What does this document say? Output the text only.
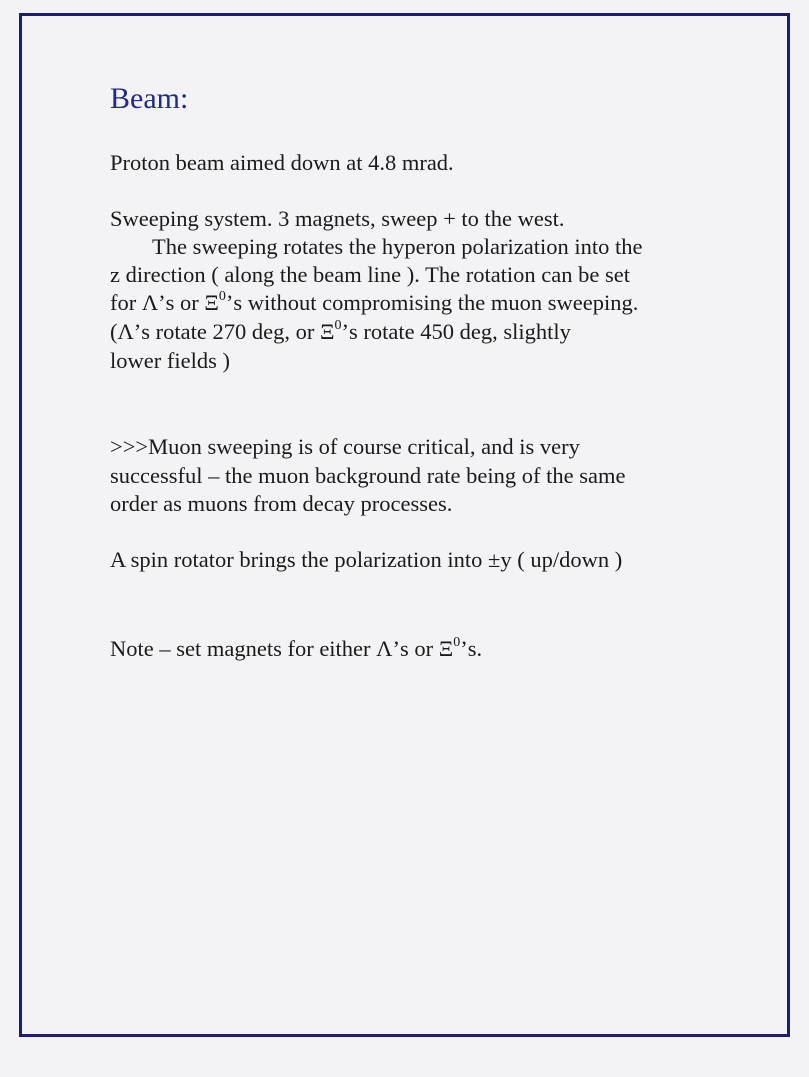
Beam:

Proton beam aimed down at 4.8 mrad.

Sweeping system. 3 magnets, sweep + to the west.

The sweeping rotates the hyperon polarization into the

z direction ( along the beam line ). The rotation can be set

for Λ’s or $\Xi^0’s$ without compromising the muon sweeping.

(Λ’s rotate 270 deg, or $\Xi^0’s$ rotate 450 deg, slightly

lower fields )

>>>Muon sweeping is of course critical, and is very

successful – the muon background rate being of the same

order as muons from decay processes.

A spin rotator brings the polarization into ±y ( up/down )

Note – set magnets for either Λ’s or $\Xi^0’s$.
